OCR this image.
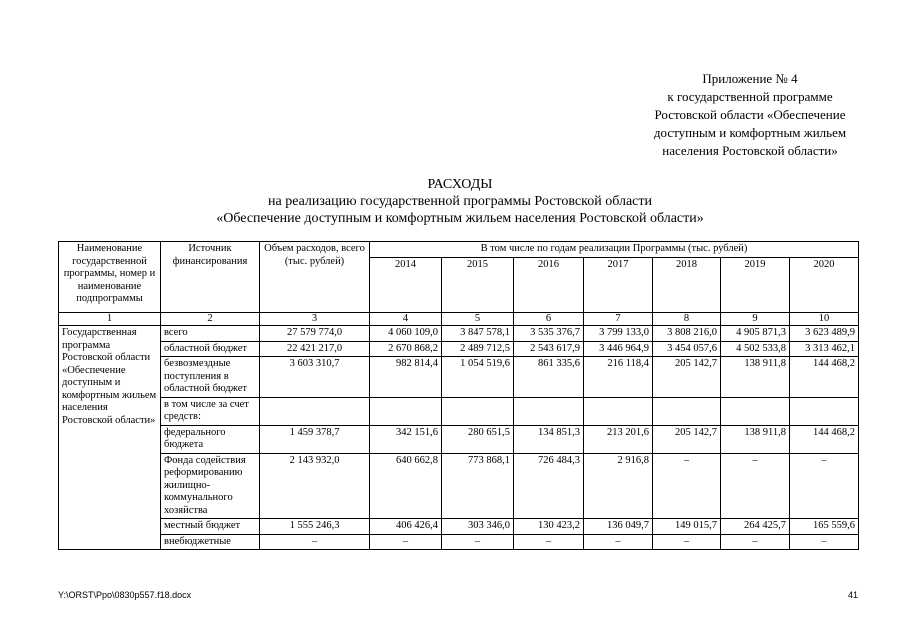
Приложение № 4
к государственной программе
Ростовской области «Обеспечение
доступным и комфортным жильем
населения Ростовской области»
РАСХОДЫ
на реализацию государственной программы Ростовской области
«Обеспечение доступным и комфортным жильем населения Ростовской области»
Наименование государственной программы, номер и наименование подпрограммы	Источник финансирования	Объем расходов, всего (тыс. рублей)	В том числе по годам реализации Программы (тыс. рублей)						
			2014	2015	2016	2017	2018	2019	2020
1	2	3	4	5	6	7	8	9	10
Государственная программа Ростовской области «Обеспечение доступным и комфортным жильем населения Ростовской области»	всего	27 579 774,0	4 060 109,0	3 847 578,1	3 535 376,7	3 799 133,0	3 808 216,0	4 905 871,3	3 623 489,9
	областной бюджет	22 421 217,0	2 670 868,2	2 489 712,5	2 543 617,9	3 446 964,9	3 454 057,6	4 502 533,8	3 313 462,1
	безвозмездные поступления в областной бюджет	3 603 310,7	982 814,4	1 054 519,6	861 335,6	216 118,4	205 142,7	138 911,8	144 468,2
	в том числе за счет средств:								
	федерального бюджета	1 459 378,7	342 151,6	280 651,5	134 851,3	213 201,6	205 142,7	138 911,8	144 468,2
	Фонда содействия реформированию жилищно-коммунального хозяйства	2 143 932,0	640 662,8	773 868,1	726 484,3	2 916,8	–	–	–
	местный бюджет	1 555 246,3	406 426,4	303 346,0	130 423,2	136 049,7	149 015,7	264 425,7	165 559,6
	внебюджетные	–	–	–	–	–	–	–	–
Y:\ORST\Ppo\0830p557.f18.docx	41
